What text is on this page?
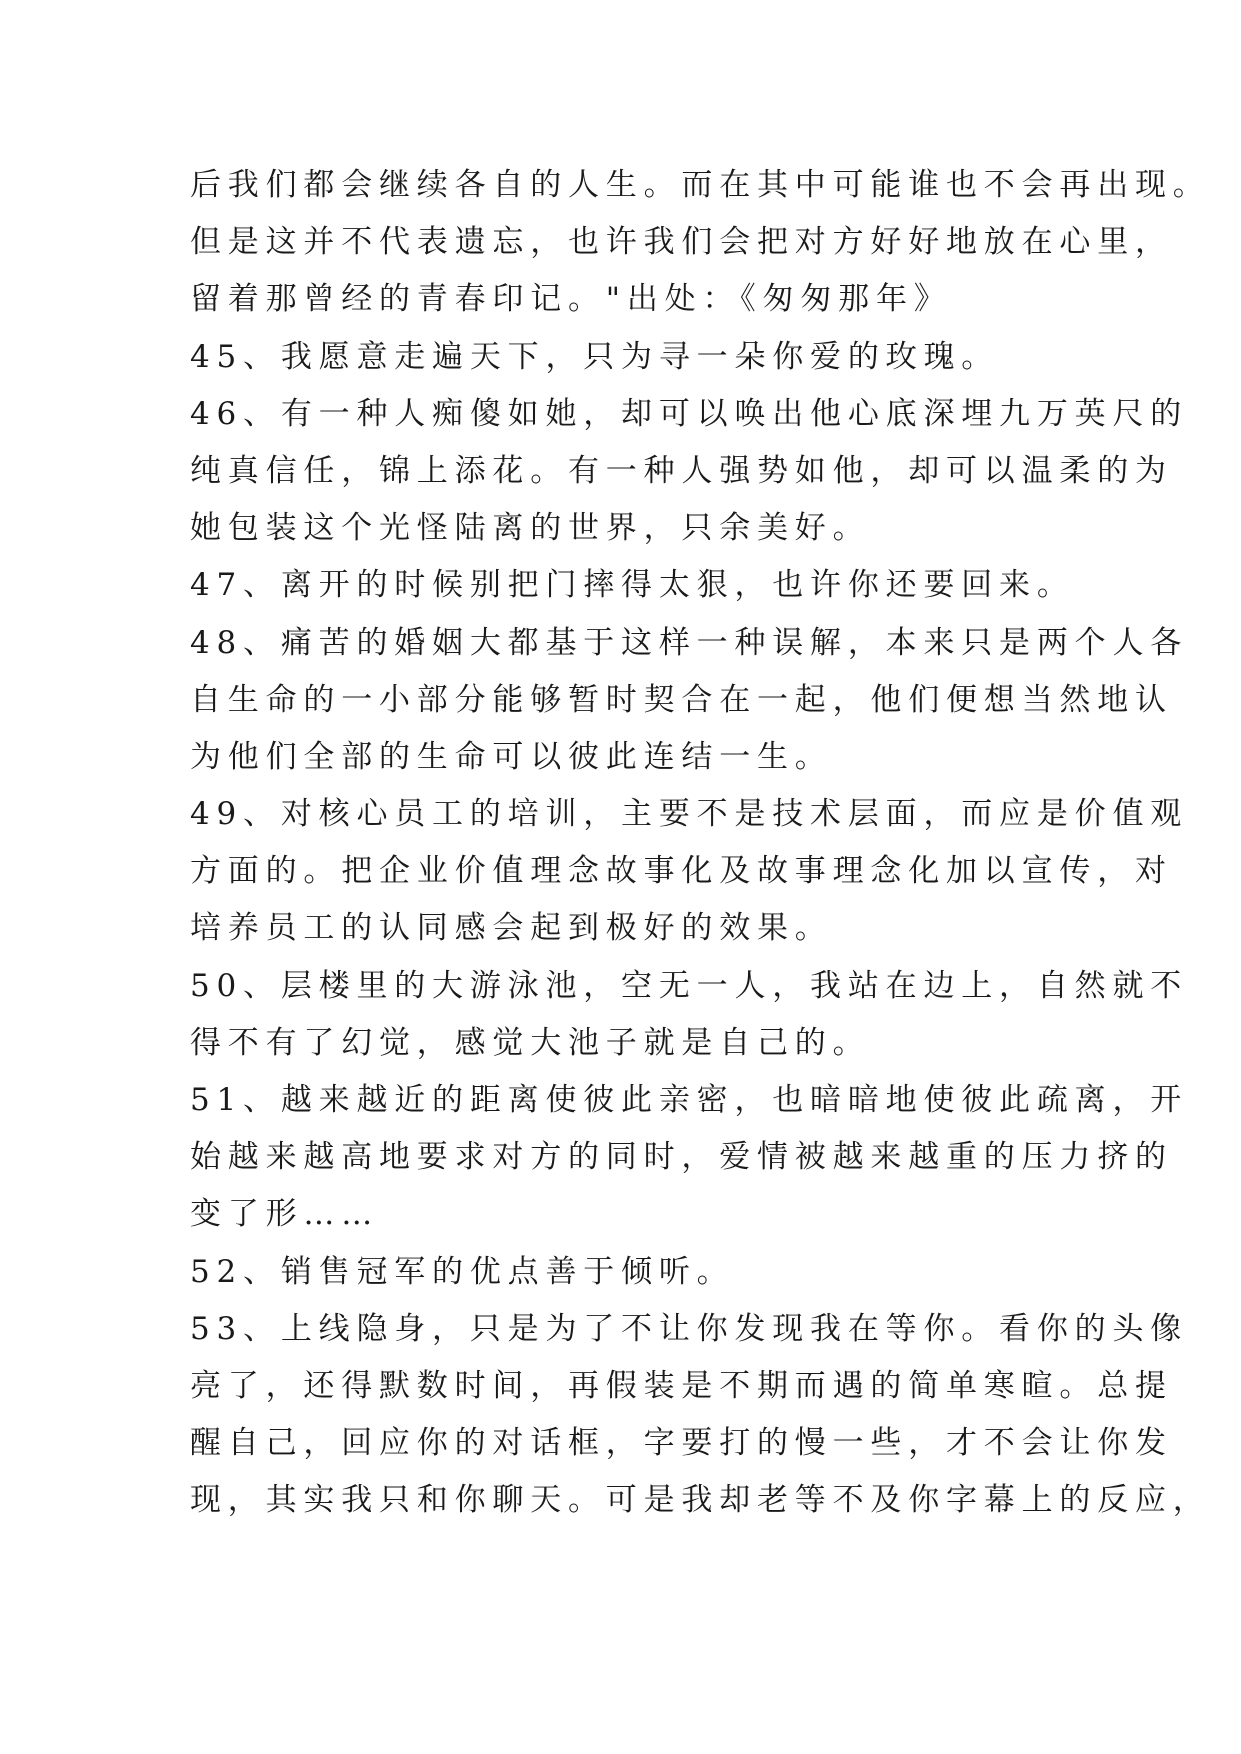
后我们都会继续各自的人生。而在其中可能谁也不会再出现。
但是这并不代表遗忘，也许我们会把对方好好地放在心里，
留着那曾经的青春印记。"出处：《匆匆那年》
45、我愿意走遍天下，只为寻一朵你爱的玫瑰。
46、有一种人痴傻如她，却可以唤出他心底深埋九万英尺的
纯真信任，锦上添花。有一种人强势如他，却可以温柔的为
她包装这个光怪陆离的世界，只余美好。
47、离开的时候别把门摔得太狠，也许你还要回来。
48、痛苦的婚姻大都基于这样一种误解，本来只是两个人各
自生命的一小部分能够暂时契合在一起，他们便想当然地认
为他们全部的生命可以彼此连结一生。
49、对核心员工的培训，主要不是技术层面，而应是价值观
方面的。把企业价值理念故事化及故事理念化加以宣传，对
培养员工的认同感会起到极好的效果。
50、层楼里的大游泳池，空无一人，我站在边上，自然就不
得不有了幻觉，感觉大池子就是自己的。
51、越来越近的距离使彼此亲密，也暗暗地使彼此疏离，开
始越来越高地要求对方的同时，爱情被越来越重的压力挤的
变了形……
52、销售冠军的优点善于倾听。
53、上线隐身，只是为了不让你发现我在等你。看你的头像
亮了，还得默数时间，再假装是不期而遇的简单寒暄。总提
醒自己，回应你的对话框，字要打的慢一些，才不会让你发
现，其实我只和你聊天。可是我却老等不及你字幕上的反应，
